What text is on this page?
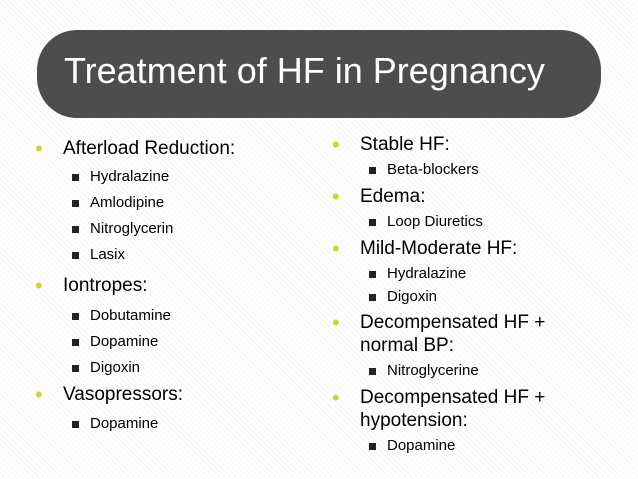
Treatment of HF in Pregnancy
• Afterload Reduction:
Hydralazine
Amlodipine
Nitroglycerin
Lasix
• Iontropes:
Dobutamine
Dopamine
Digoxin
• Vasopressors:
Dopamine
• Stable HF:
Beta-blockers
• Edema:
Loop Diuretics
• Mild-Moderate HF:
Hydralazine
Digoxin
• Decompensated HF +
normal BP:
Nitroglycerine
• Decompensated HF +
hypotension:
Dopamine
